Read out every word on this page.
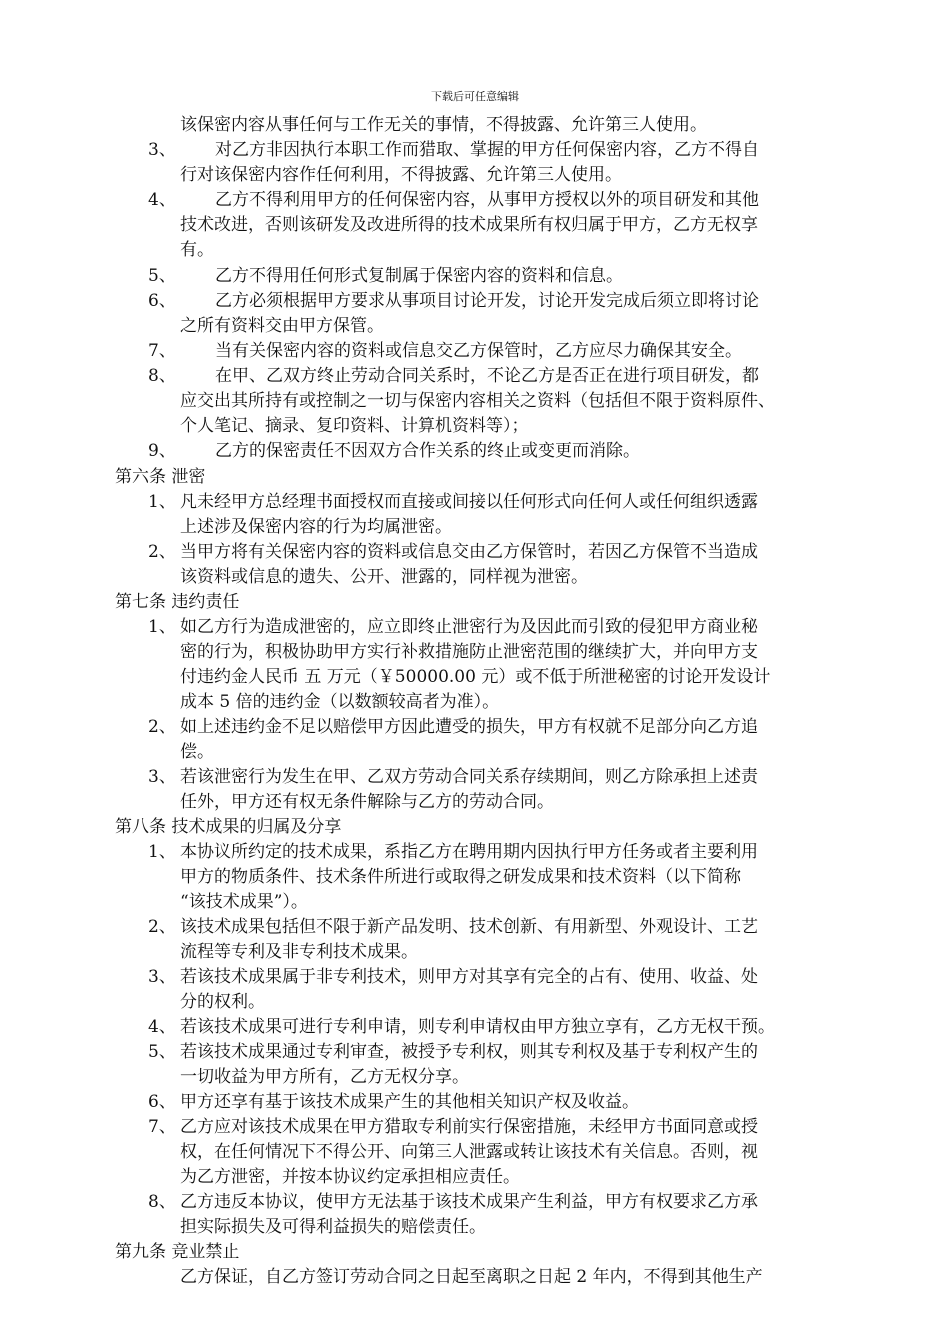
下载后可任意编辑
该保密内容从事任何与工作无关的事情，不得披露、允许第三人使用。
3、 对乙方非因执行本职工作而猎取、掌握的甲方任何保密内容，乙方不得自
行对该保密内容作任何利用，不得披露、允许第三人使用。
4、 乙方不得利用甲方的任何保密内容，从事甲方授权以外的项目研发和其他
技术改进，否则该研发及改进所得的技术成果所有权归属于甲方，乙方无权享
有。
5、 乙方不得用任何形式复制属于保密内容的资料和信息。
6、 乙方必须根据甲方要求从事项目讨论开发，讨论开发完成后须立即将讨论
之所有资料交由甲方保管。
7、 当有关保密内容的资料或信息交乙方保管时，乙方应尽力确保其安全。
8、 在甲、乙双方终止劳动合同关系时，不论乙方是否正在进行项目研发，都
应交出其所持有或控制之一切与保密内容相关之资料（包括但不限于资料原件、
个人笔记、摘录、复印资料、计算机资料等）；
9、 乙方的保密责任不因双方合作关系的终止或变更而消除。
第六条 泄密
1、 凡未经甲方总经理书面授权而直接或间接以任何形式向任何人或任何组织透露
上述涉及保密内容的行为均属泄密。
2、 当甲方将有关保密内容的资料或信息交由乙方保管时，若因乙方保管不当造成
该资料或信息的遗失、公开、泄露的，同样视为泄密。
第七条 违约责任
1、 如乙方行为造成泄密的，应立即终止泄密行为及因此而引致的侵犯甲方商业秘
密的行为，积极协助甲方实行补救措施防止泄密范围的继续扩大，并向甲方支
付违约金人民币 五 万元（￥50000.00 元）或不低于所泄秘密的讨论开发设计
成本 5 倍的违约金（以数额较高者为准）。
2、 如上述违约金不足以赔偿甲方因此遭受的损失，甲方有权就不足部分向乙方追
偿。
3、 若该泄密行为发生在甲、乙双方劳动合同关系存续期间，则乙方除承担上述责
任外，甲方还有权无条件解除与乙方的劳动合同。
第八条 技术成果的归属及分享
1、 本协议所约定的技术成果，系指乙方在聘用期内因执行甲方任务或者主要利用
甲方的物质条件、技术条件所进行或取得之研发成果和技术资料（以下简称
“该技术成果”）。
2、 该技术成果包括但不限于新产品发明、技术创新、有用新型、外观设计、工艺
流程等专利及非专利技术成果。
3、 若该技术成果属于非专利技术，则甲方对其享有完全的占有、使用、收益、处
分的权利。
4、 若该技术成果可进行专利申请，则专利申请权由甲方独立享有，乙方无权干预。
5、 若该技术成果通过专利审查，被授予专利权，则其专利权及基于专利权产生的
一切收益为甲方所有，乙方无权分享。
6、 甲方还享有基于该技术成果产生的其他相关知识产权及收益。
7、 乙方应对该技术成果在甲方猎取专利前实行保密措施，未经甲方书面同意或授
权，在任何情况下不得公开、向第三人泄露或转让该技术有关信息。否则，视
为乙方泄密，并按本协议约定承担相应责任。
8、 乙方违反本协议，使甲方无法基于该技术成果产生利益，甲方有权要求乙方承
担实际损失及可得利益损失的赔偿责任。
第九条 竞业禁止
乙方保证，自乙方签订劳动合同之日起至离职之日起 2 年内，不得到其他生产
